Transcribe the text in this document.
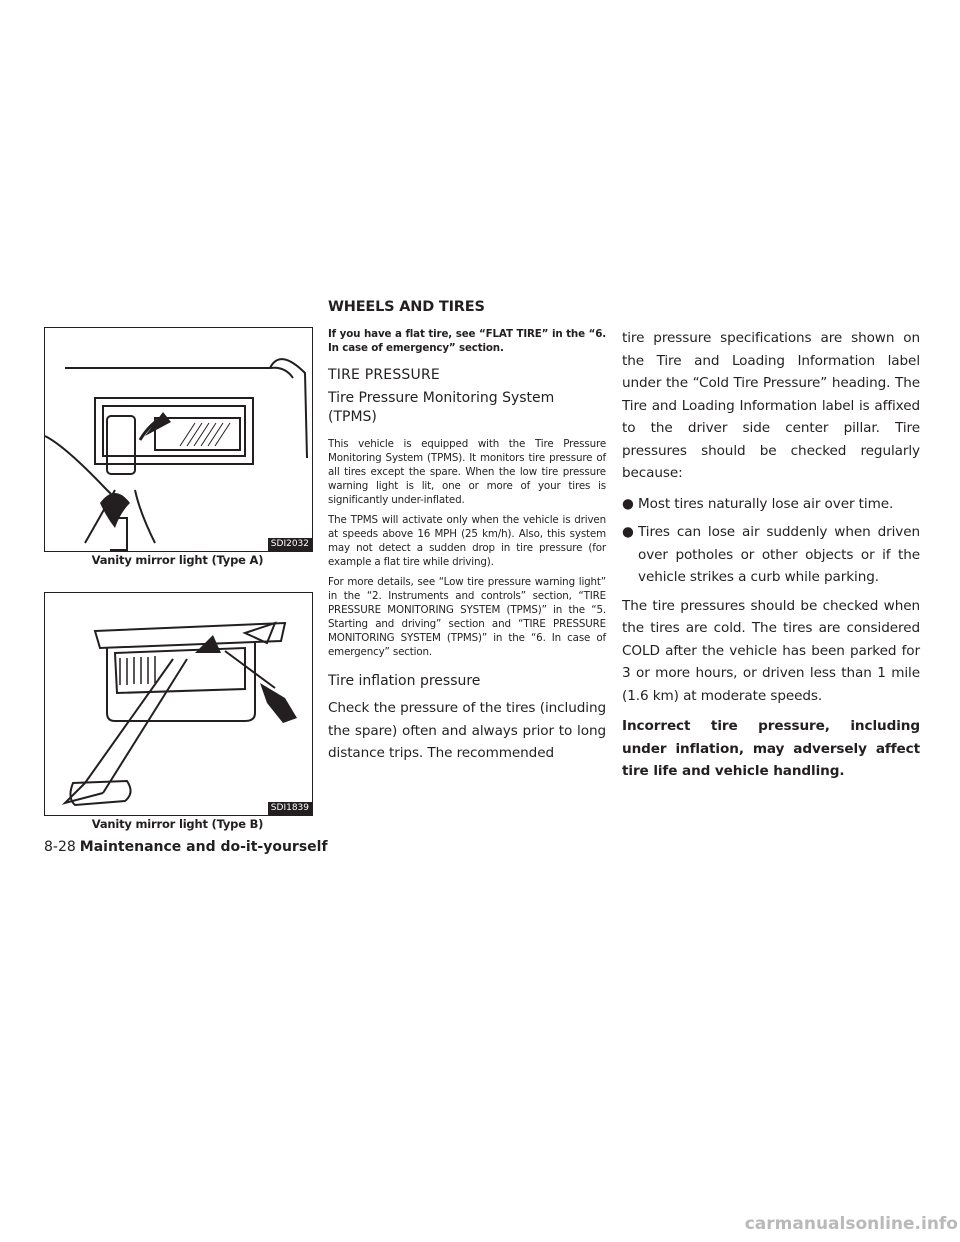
WHEELS AND TIRES
SDI2032
Vanity mirror light (Type A)
SDI1839
Vanity mirror light (Type B)

If you have a flat tire, see “FLAT TIRE” in the “6. In case of emergency” section.

TIRE PRESSURE
Tire Pressure Monitoring System (TPMS)

This vehicle is equipped with the Tire Pressure Monitoring System (TPMS). It monitors tire pressure of all tires except the spare. When the low tire pressure warning light is lit, one or more of your tires is significantly under-inflated.

The TPMS will activate only when the vehicle is driven at speeds above 16 MPH (25 km/h). Also, this system may not detect a sudden drop in tire pressure (for example a flat tire while driving).

For more details, see “Low tire pressure warning light” in the “2. Instruments and controls” section, “TIRE PRESSURE MONITORING SYSTEM (TPMS)” in the “5. Starting and driving” section and “TIRE PRESSURE MONITORING SYSTEM (TPMS)” in the “6. In case of emergency” section.

Tire inflation pressure

Check the pressure of the tires (including the spare) often and always prior to long distance trips. The recommended

tire pressure specifications are shown on the Tire and Loading Information label under the “Cold Tire Pressure” heading. The Tire and Loading Information label is affixed to the driver side center pillar. Tire pressures should be checked regularly because:

● Most tires naturally lose air over time.
● Tires can lose air suddenly when driven over potholes or other objects or if the vehicle strikes a curb while parking.

The tire pressures should be checked when the tires are cold. The tires are considered COLD after the vehicle has been parked for 3 or more hours, or driven less than 1 mile (1.6 km) at moderate speeds.

Incorrect tire pressure, including under inflation, may adversely affect tire life and vehicle handling.

8-28 Maintenance and do-it-yourself
carmanualsonline.info
